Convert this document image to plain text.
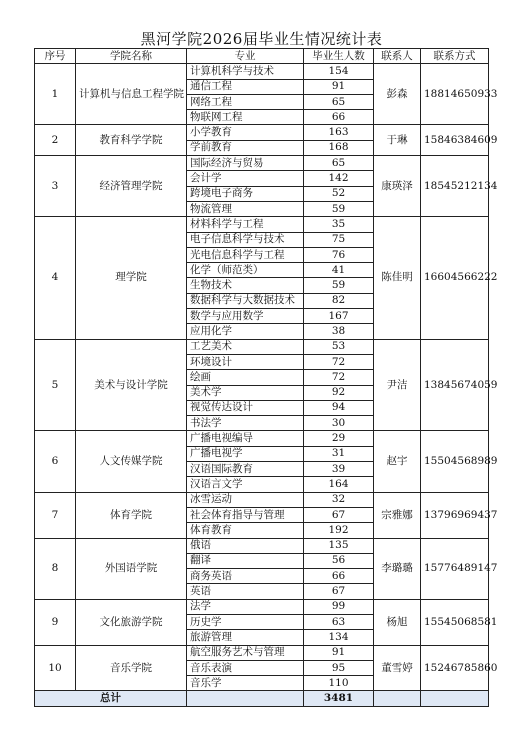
黑河学院2026届毕业生情况统计表
序号	学院名称	专业	毕业生人数	联系人	联系方式
1	计算机与信息工程学院	计算机科学与技术	154	彭森	18814650933
		通信工程	91		
		网络工程	65		
		物联网工程	66		
2	教育科学学院	小学教育	163	于琳	15846384609
		学前教育	168		
3	经济管理学院	国际经济与贸易	65	康瑛泽	18545212134
		会计学	142		
		跨境电子商务	52		
		物流管理	59		
4	理学院	材料科学与工程	35	陈佳明	16604566222
		电子信息科学与技术	75		
		光电信息科学与工程	76		
		化学（师范类）	41		
		生物技术	59		
		数据科学与大数据技术	82		
		数学与应用数学	167		
		应用化学	38		
5	美术与设计学院	工艺美术	53	尹洁	13845674059
		环境设计	72		
		绘画	72		
		美术学	92		
		视觉传达设计	94		
		书法学	30		
6	人文传媒学院	广播电视编导	29	赵宇	15504568989
		广播电视学	31		
		汉语国际教育	39		
		汉语言文学	164		
7	体育学院	冰雪运动	32	宗雅娜	13796969437
		社会体育指导与管理	67		
		体育教育	192		
8	外国语学院	俄语	135	李璐璐	15776489147
		翻译	56		
		商务英语	66		
		英语	67		
9	文化旅游学院	法学	99	杨旭	15545068581
		历史学	63		
		旅游管理	134		
10	音乐学院	航空服务艺术与管理	91	董雪婷	15246785860
		音乐表演	95		
		音乐学	110		
总计			3481		
